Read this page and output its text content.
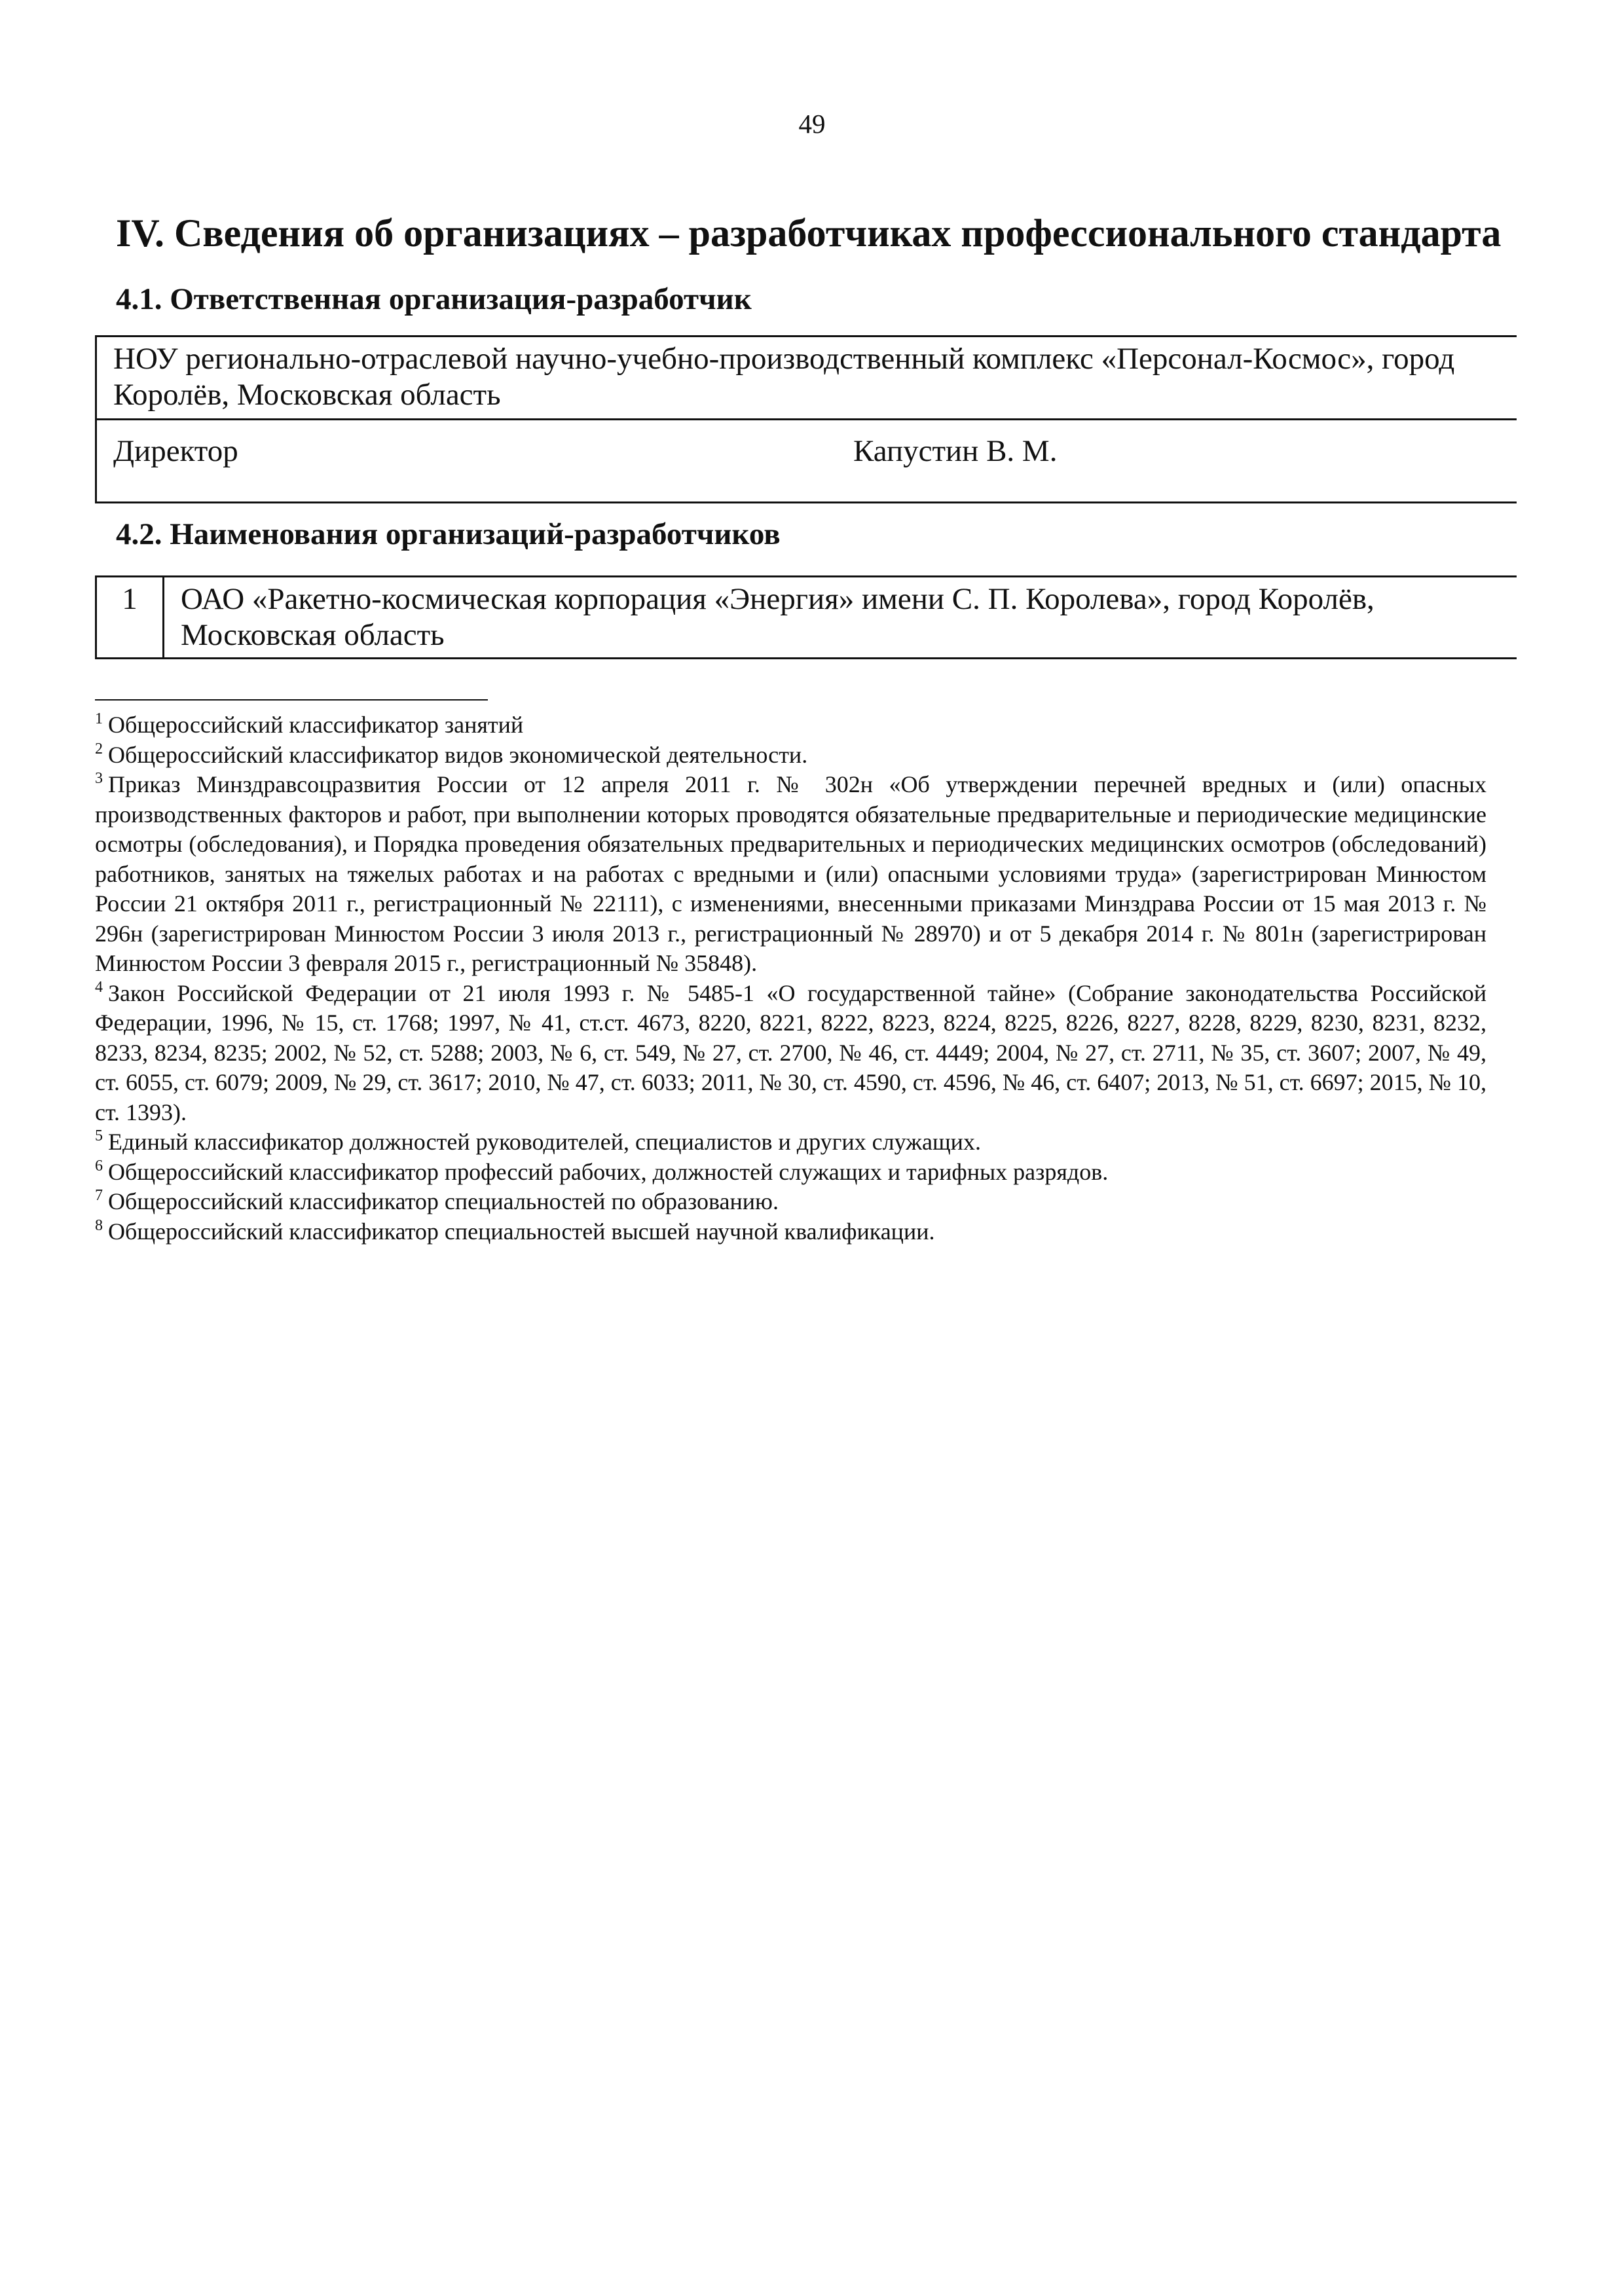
49
IV. Сведения об организациях – разработчиках профессионального стандарта
4.1. Ответственная организация-разработчик
НОУ регионально-отраслевой научно-учебно-производственный комплекс «Персонал-Космос», город Королёв, Московская область
Директор	Капустин В. М.
4.2. Наименования организаций-разработчиков
1	ОАО «Ракетно-космическая корпорация «Энергия» имени С. П. Королева», город Королёв, Московская область

$^1$ Общероссийский классификатор занятий

$^2$ Общероссийский классификатор видов экономической деятельности.

$^3$ Приказ Минздравсоцразвития России от 12 апреля 2011 г. № 302н «Об утверждении перечней вредных и (или) опасных производственных факторов и работ, при выполнении которых проводятся обязательные предварительные и периодические медицинские осмотры (обследования), и Порядка проведения обязательных предварительных и периодических медицинских осмотров (обследований) работников, занятых на тяжелых работах и на работах с вредными и (или) опасными условиями труда» (зарегистрирован Минюстом России 21 октября 2011 г., регистрационный № 22111), с изменениями, внесенными приказами Минздрава России от 15 мая 2013 г. № 296н (зарегистрирован Минюстом России 3 июля 2013 г., регистрационный № 28970) и от 5 декабря 2014 г. № 801н (зарегистрирован Минюстом России 3 февраля 2015 г., регистрационный № 35848).

$^4$ Закон Российской Федерации от 21 июля 1993 г. № 5485-1 «О государственной тайне» (Собрание законодательства Российской Федерации, 1996, № 15, ст. 1768; 1997, № 41, ст.ст. 4673, 8220, 8221, 8222, 8223, 8224, 8225, 8226, 8227, 8228, 8229, 8230, 8231, 8232, 8233, 8234, 8235; 2002, № 52, ст. 5288; 2003, № 6, ст. 549, № 27, ст. 2700, № 46, ст. 4449; 2004, № 27, ст. 2711, № 35, ст. 3607; 2007, № 49, ст. 6055, ст. 6079; 2009, № 29, ст. 3617; 2010, № 47, ст. 6033; 2011, № 30, ст. 4590, ст. 4596, № 46, ст. 6407; 2013, № 51, ст. 6697; 2015, № 10, ст. 1393).

$^5$ Единый классификатор должностей руководителей, специалистов и других служащих.

$^6$ Общероссийский классификатор профессий рабочих, должностей служащих и тарифных разрядов.

$^7$ Общероссийский классификатор специальностей по образованию.

$^8$ Общероссийский классификатор специальностей высшей научной квалификации.
